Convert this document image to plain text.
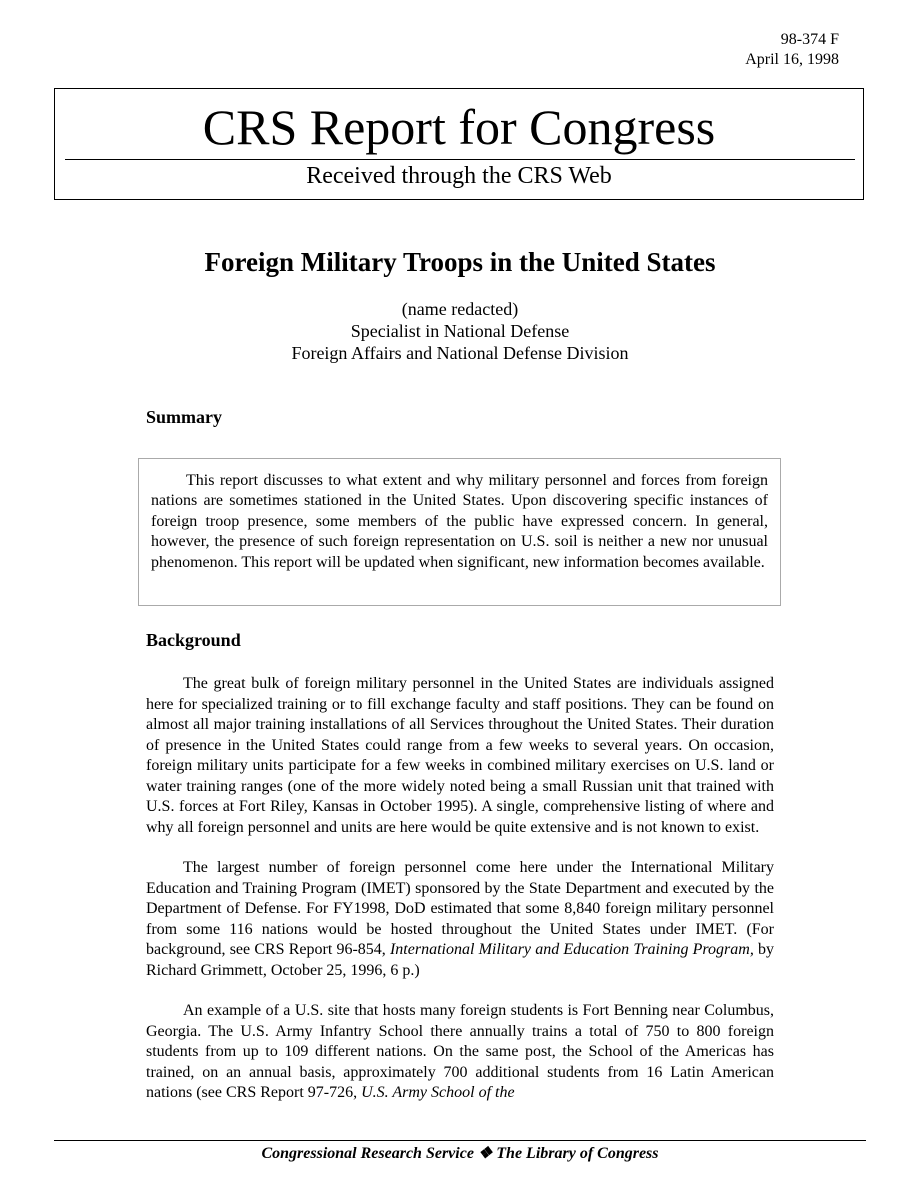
98-374 F
April 16, 1998
CRS Report for Congress
Received through the CRS Web
Foreign Military Troops in the United States
(name redacted)
Specialist in National Defense
Foreign Affairs and National Defense Division
Summary

This report discusses to what extent and why military personnel and forces from foreign nations are sometimes stationed in the United States. Upon discovering specific instances of foreign troop presence, some members of the public have expressed concern. In general, however, the presence of such foreign representation on U.S. soil is neither a new nor unusual phenomenon. This report will be updated when significant, new information becomes available.

Background

The great bulk of foreign military personnel in the United States are individuals assigned here for specialized training or to fill exchange faculty and staff positions. They can be found on almost all major training installations of all Services throughout the United States. Their duration of presence in the United States could range from a few weeks to several years. On occasion, foreign military units participate for a few weeks in combined military exercises on U.S. land or water training ranges (one of the more widely noted being a small Russian unit that trained with U.S. forces at Fort Riley, Kansas in October 1995). A single, comprehensive listing of where and why all foreign personnel and units are here would be quite extensive and is not known to exist.

The largest number of foreign personnel come here under the International Military Education and Training Program (IMET) sponsored by the State Department and executed by the Department of Defense. For FY1998, DoD estimated that some 8,840 foreign military personnel from some 116 nations would be hosted throughout the United States under IMET. (For background, see CRS Report 96-854, International Military and Education Training Program, by Richard Grimmett, October 25, 1996, 6 p.)

An example of a U.S. site that hosts many foreign students is Fort Benning near Columbus, Georgia. The U.S. Army Infantry School there annually trains a total of 750 to 800 foreign students from up to 109 different nations. On the same post, the School of the Americas has trained, on an annual basis, approximately 700 additional students from 16 Latin American nations (see CRS Report 97-726, U.S. Army School of the

Congressional Research Service ❖ The Library of Congress
